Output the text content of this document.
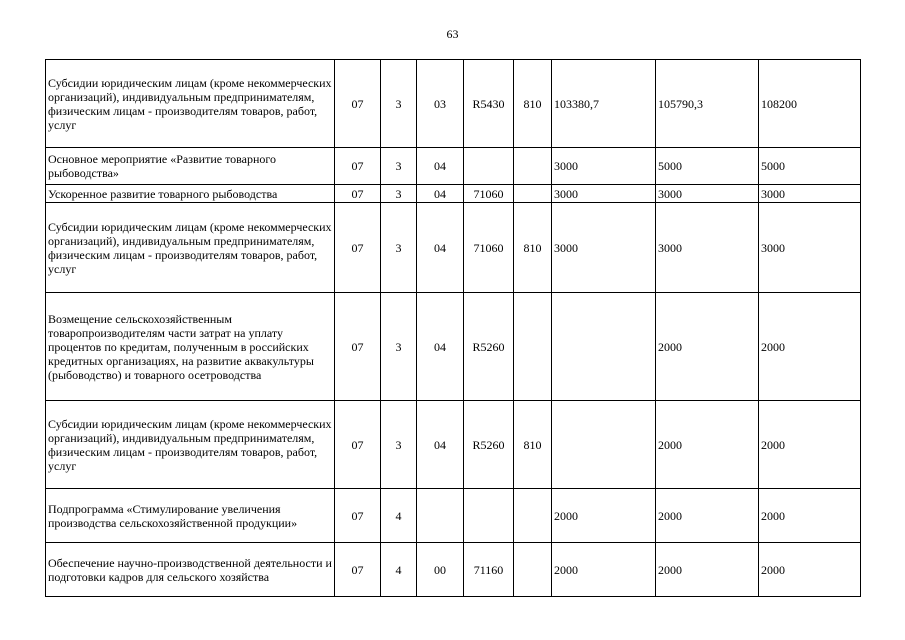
63
Субсидии юридическим лицам (кроме некоммерческих организаций), индивидуальным предпринимателям, физическим лицам - производителям товаров, работ, услуг	07	3	03	R5430	810	103380,7	105790,3	108200
Основное мероприятие «Развитие товарного рыбоводства»	07	3	04			3000	5000	5000
Ускоренное развитие товарного рыбоводства	07	3	04	71060		3000	3000	3000
Субсидии юридическим лицам (кроме некоммерческих организаций), индивидуальным предпринимателям, физическим лицам - производителям товаров, работ, услуг	07	3	04	71060	810	3000	3000	3000
Возмещение сельскохозяйственным товаропроизводителям части затрат на уплату процентов по кредитам, полученным в российских кредитных организациях, на развитие аквакультуры (рыбоводство) и товарного осетроводства	07	3	04	R5260			2000	2000
Субсидии юридическим лицам (кроме некоммерческих организаций), индивидуальным предпринимателям, физическим лицам - производителям товаров, работ, услуг	07	3	04	R5260	810		2000	2000
Подпрограмма «Стимулирование увеличения производства сельскохозяйственной продукции»	07	4				2000	2000	2000
Обеспечение научно-производственной деятельности и подготовки кадров для сельского хозяйства	07	4	00	71160		2000	2000	2000
